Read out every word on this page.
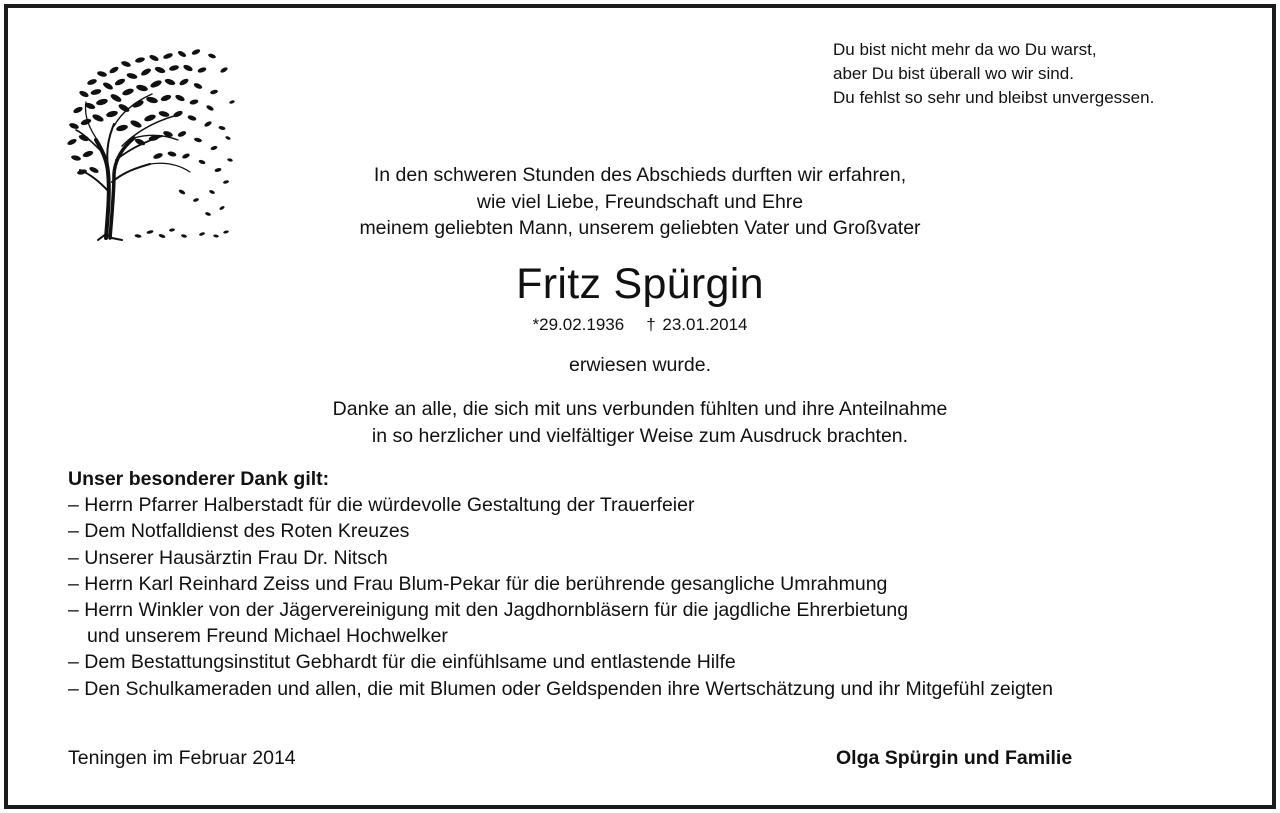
Du bist nicht mehr da wo Du warst,
aber Du bist überall wo wir sind.
Du fehlst so sehr und bleibst unvergessen.
In den schweren Stunden des Abschieds durften wir erfahren,
wie viel Liebe, Freundschaft und Ehre
meinem geliebten Mann, unserem geliebten Vater und Großvater
Fritz Spürgin
*29.02.1936 † 23.01.2014
erwiesen wurde.
Danke an alle, die sich mit uns verbunden fühlten und ihre Anteilnahme
in so herzlicher und vielfältiger Weise zum Ausdruck brachten.
Unser besonderer Dank gilt:
– Herrn Pfarrer Halberstadt für die würdevolle Gestaltung der Trauerfeier
– Dem Notfalldienst des Roten Kreuzes
– Unserer Hausärztin Frau Dr. Nitsch
– Herrn Karl Reinhard Zeiss und Frau Blum-Pekar für die berührende gesangliche Umrahmung
– Herrn Winkler von der Jägervereinigung mit den Jagdhornbläsern für die jagdliche Ehrerbietung
und unserem Freund Michael Hochwelker
– Dem Bestattungsinstitut Gebhardt für die einfühlsame und entlastende Hilfe
– Den Schulkameraden und allen, die mit Blumen oder Geldspenden ihre Wertschätzung und ihr Mitgefühl zeigten
Teningen im Februar 2014	Olga Spürgin und Familie
